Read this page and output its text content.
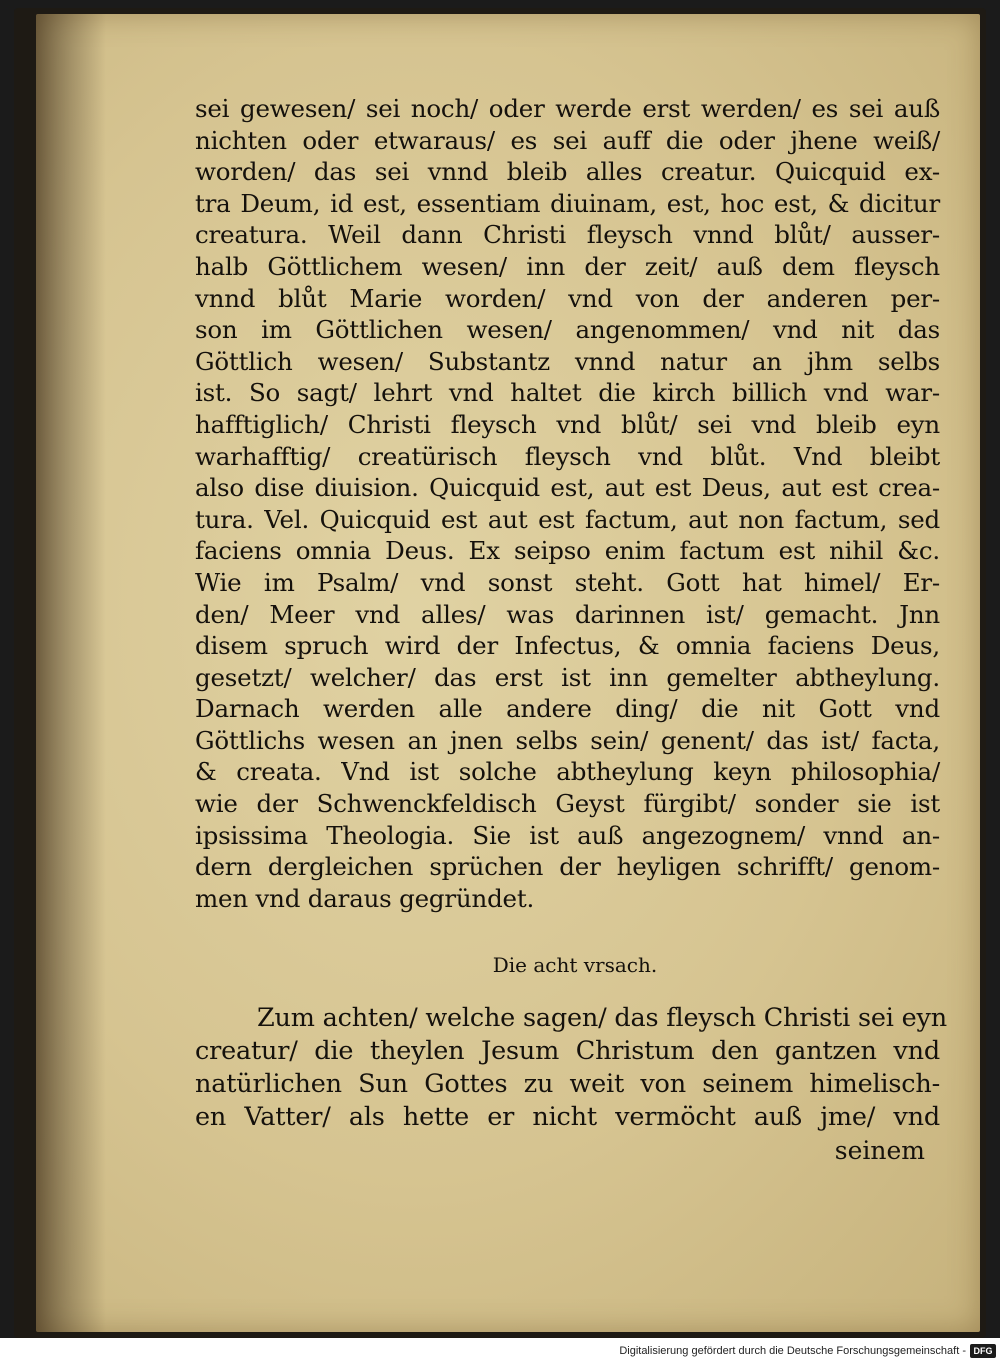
sei gewesen/ sei noch/ oder werde erst werden/ es sei auß
nichten oder etwaraus/ es sei auff die oder jhene weiß/
worden/ das sei vnnd bleib alles creatur. Quicquid ex-
tra Deum, id est, essentiam diuinam, est, hoc est, & dicitur
creatura. Weil dann Christi fleysch vnnd blůt/ ausser-
halb Göttlichem wesen/ inn der zeit/ auß dem fleysch
vnnd blůt Marie worden/ vnd von der anderen per-
son im Göttlichen wesen/ angenommen/ vnd nit das
Göttlich wesen/ Substantz vnnd natur an jhm selbs
ist. So sagt/ lehrt vnd haltet die kirch billich vnd war-
hafftiglich/ Christi fleysch vnd blůt/ sei vnd bleib eyn
warhafftig/ creatürisch fleysch vnd blůt. Vnd bleibt
also dise diuision. Quicquid est, aut est Deus, aut est crea-
tura. Vel. Quicquid est aut est factum, aut non factum, sed
faciens omnia Deus. Ex seipso enim factum est nihil &c.
Wie im Psalm/ vnd sonst steht. Gott hat himel/ Er-
den/ Meer vnd alles/ was darinnen ist/ gemacht. Jnn
disem spruch wird der Infectus, & omnia faciens Deus,
gesetzt/ welcher/ das erst ist inn gemelter abtheylung.
Darnach werden alle andere ding/ die nit Gott vnd
Göttlichs wesen an jnen selbs sein/ genent/ das ist/ facta,
& creata. Vnd ist solche abtheylung keyn philosophia/
wie der Schwenckfeldisch Geyst fürgibt/ sonder sie ist
ipsissima Theologia. Sie ist auß angezognem/ vnnd an-
dern dergleichen sprüchen der heyligen schrifft/ genom-
men vnd daraus gegründet.
Die acht vrsach.
Zum achten/ welche sagen/ das fleysch Christi sei eyn
creatur/ die theylen Jesum Christum den gantzen vnd
natürlichen Sun Gottes zu weit von seinem himelisch-
en Vatter/ als hette er nicht vermöcht auß jme/ vnd
seinem
Digitalisierung gefördert durch die Deutsche Forschungsgemeinschaft - DFG
